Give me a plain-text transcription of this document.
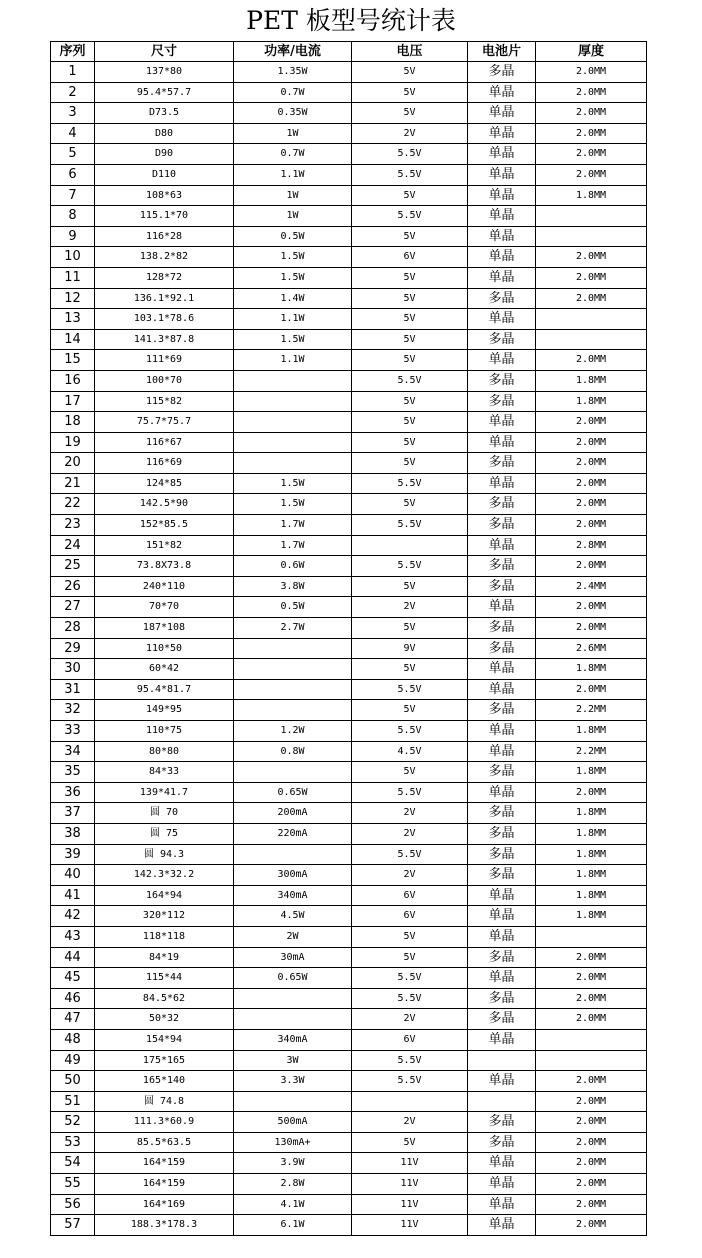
PET 板型号统计表
序列	尺寸	功率/电流	电压	电池片	厚度
1	137*80	1.35W	5V	多晶	2.0MM
2	95.4*57.7	0.7W	5V	单晶	2.0MM
3	D73.5	0.35W	5V	单晶	2.0MM
4	D80	1W	2V	单晶	2.0MM
5	D90	0.7W	5.5V	单晶	2.0MM
6	D110	1.1W	5.5V	单晶	2.0MM
7	108*63	1W	5V	单晶	1.8MM
8	115.1*70	1W	5.5V	单晶	
9	116*28	0.5W	5V	单晶	
10	138.2*82	1.5W	6V	单晶	2.0MM
11	128*72	1.5W	5V	单晶	2.0MM
12	136.1*92.1	1.4W	5V	多晶	2.0MM
13	103.1*78.6	1.1W	5V	单晶	
14	141.3*87.8	1.5W	5V	多晶	
15	111*69	1.1W	5V	单晶	2.0MM
16	100*70		5.5V	多晶	1.8MM
17	115*82		5V	多晶	1.8MM
18	75.7*75.7		5V	单晶	2.0MM
19	116*67		5V	单晶	2.0MM
20	116*69		5V	多晶	2.0MM
21	124*85	1.5W	5.5V	单晶	2.0MM
22	142.5*90	1.5W	5V	多晶	2.0MM
23	152*85.5	1.7W	5.5V	多晶	2.0MM
24	151*82	1.7W		单晶	2.8MM
25	73.8X73.8	0.6W	5.5V	多晶	2.0MM
26	240*110	3.8W	5V	多晶	2.4MM
27	70*70	0.5W	2V	单晶	2.0MM
28	187*108	2.7W	5V	多晶	2.0MM
29	110*50		9V	多晶	2.6MM
30	60*42		5V	单晶	1.8MM
31	95.4*81.7		5.5V	单晶	2.0MM
32	149*95		5V	多晶	2.2MM
33	110*75	1.2W	5.5V	单晶	1.8MM
34	80*80	0.8W	4.5V	单晶	2.2MM
35	84*33		5V	多晶	1.8MM
36	139*41.7	0.65W	5.5V	单晶	2.0MM
37	圆 70	200mA	2V	多晶	1.8MM
38	圆 75	220mA	2V	多晶	1.8MM
39	圆 94.3		5.5V	多晶	1.8MM
40	142.3*32.2	300mA	2V	多晶	1.8MM
41	164*94	340mA	6V	单晶	1.8MM
42	320*112	4.5W	6V	单晶	1.8MM
43	118*118	2W	5V	单晶	
44	84*19	30mA	5V	多晶	2.0MM
45	115*44	0.65W	5.5V	单晶	2.0MM
46	84.5*62		5.5V	多晶	2.0MM
47	50*32		2V	多晶	2.0MM
48	154*94	340mA	6V	单晶	
49	175*165	3W	5.5V		
50	165*140	3.3W	5.5V	单晶	2.0MM
51	圆 74.8				2.0MM
52	111.3*60.9	500mA	2V	多晶	2.0MM
53	85.5*63.5	130mA+	5V	多晶	2.0MM
54	164*159	3.9W	11V	单晶	2.0MM
55	164*159	2.8W	11V	单晶	2.0MM
56	164*169	4.1W	11V	单晶	2.0MM
57	188.3*178.3	6.1W	11V	单晶	2.0MM
